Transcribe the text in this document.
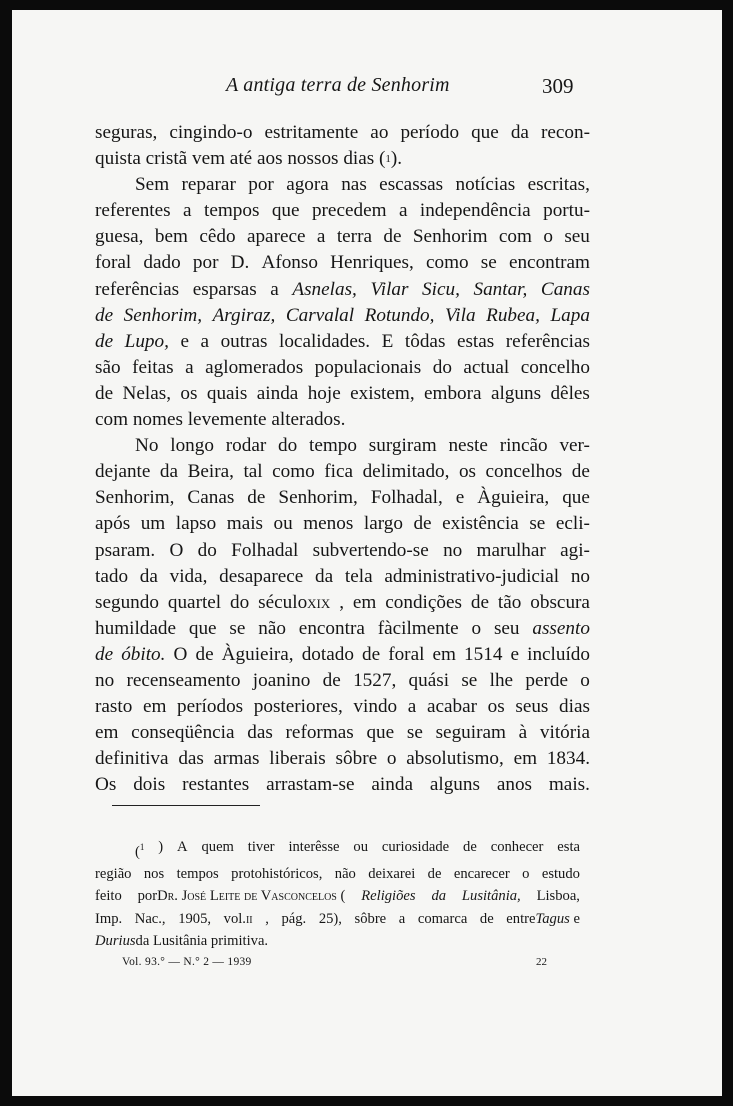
A antiga terra de Senhorim	309
seguras, cingindo-o estritamente ao período que da recon-
quista cristã vem até aos nossos dias ( 1 ).
Sem reparar por agora nas escassas notícias escritas,
referentes a tempos que precedem a independência portu-
guesa, bem cêdo aparece a terra de Senhorim com o seu
foral dado por D. Afonso Henriques, como se encontram
referências esparsas a Asnelas, Vilar Sicu, Santar, Canas
de Senhorim, Argiraz, Carvalal Rotundo, Vila Rubea, Lapa
de Lupo, e a outras localidades. E tôdas estas referências
são feitas a aglomerados populacionais do actual concelho
de Nelas, os quais ainda hoje existem, embora alguns dêles
com nomes levemente alterados.
No longo rodar do tempo surgiram neste rincão ver-
dejante da Beira, tal como fica delimitado, os concelhos de
Senhorim, Canas de Senhorim, Folhadal, e Àguieira, que
após um lapso mais ou menos largo de existência se ecli-
psaram. O do Folhadal subvertendo-se no marulhar agi-
tado da vida, desaparece da tela administrativo-judicial no
segundo quartel do séculoxix , em condições de tão obscura
humildade que se não encontra fàcilmente o seu assento
de óbito. O de Àguieira, dotado de foral em 1514 e incluído
no recenseamento joanino de 1527, quási se lhe perde o
rasto em períodos posteriores, vindo a acabar os seus dias
em conseqüência das reformas que se seguiram à vitória
definitiva das armas liberais sôbre o absolutismo, em 1834.
Os dois restantes arrastam-se ainda alguns anos mais.
($^1$ ) A quem tiver interêsse ou curiosidade de conhecer esta
região nos tempos protohistóricos, não deixarei de encarecer o estudo
feito porDr. José Leite de Vasconcelos ( Religiões da Lusitânia, Lisboa,
Imp. Nac., 1905, vol.ii , pág. 25), sôbre a comarca de entreTagus e
Durius da Lusitânia primitiva.
Vol. 93.° — N.° 2 — 1939	22
